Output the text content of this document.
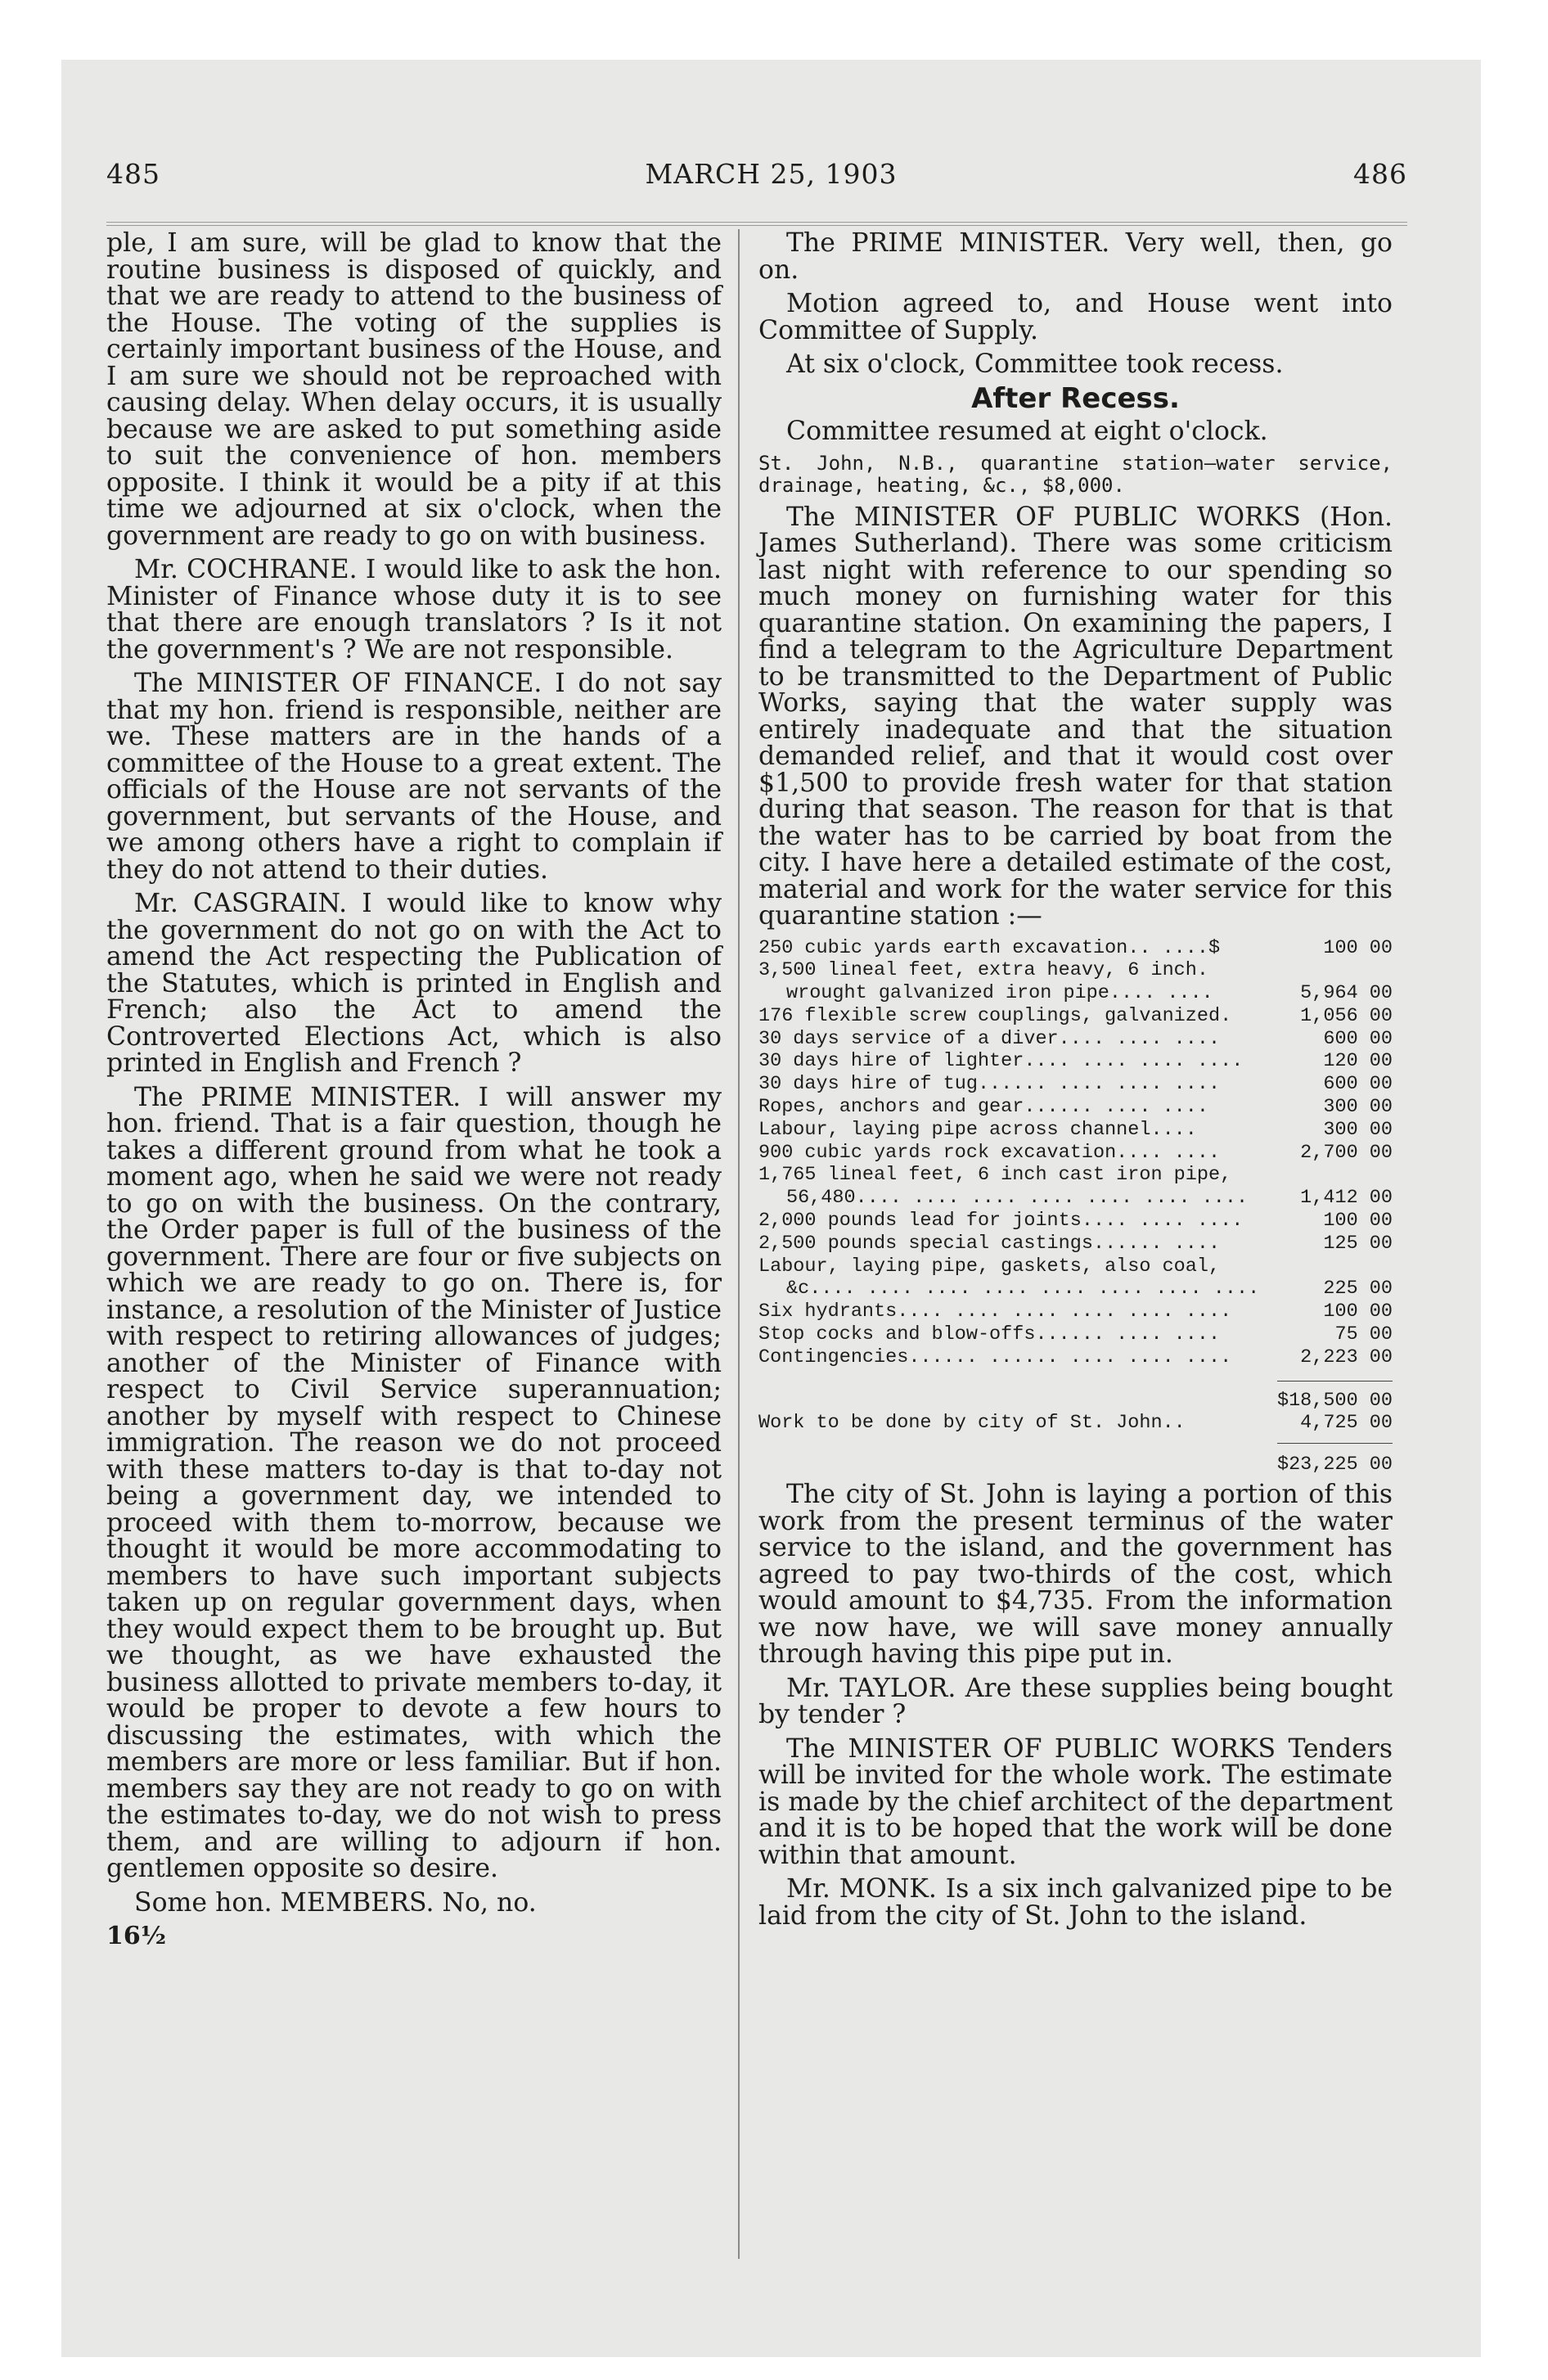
485	MARCH 25, 1903	486

ple, I am sure, will be glad to know that the routine business is disposed of quickly, and that we are ready to attend to the business of the House. The voting of the supplies is certainly important business of the House, and I am sure we should not be reproached with causing delay. When delay occurs, it is usually because we are asked to put something aside to suit the convenience of hon. members opposite. I think it would be a pity if at this time we adjourned at six o'clock, when the government are ready to go on with business.

Mr. COCHRANE. I would like to ask the hon. Minister of Finance whose duty it is to see that there are enough translators ? Is it not the government's ? We are not responsible.

The MINISTER OF FINANCE. I do not say that my hon. friend is responsible, neither are we. These matters are in the hands of a committee of the House to a great extent. The officials of the House are not servants of the government, but servants of the House, and we among others have a right to complain if they do not attend to their duties.

Mr. CASGRAIN. I would like to know why the government do not go on with the Act to amend the Act respecting the Publication of the Statutes, which is printed in English and French; also the Act to amend the Controverted Elections Act, which is also printed in English and French ?

The PRIME MINISTER. I will answer my hon. friend. That is a fair question, though he takes a different ground from what he took a moment ago, when he said we were not ready to go on with the business. On the contrary, the Order paper is full of the business of the government. There are four or five subjects on which we are ready to go on. There is, for instance, a resolution of the Minister of Justice with respect to retiring allowances of judges; another of the Minister of Finance with respect to Civil Service superannuation; another by myself with respect to Chinese immigration. The reason we do not proceed with these matters to-day is that to-day not being a government day, we intended to proceed with them to-morrow, because we thought it would be more accommodating to members to have such important subjects taken up on regular government days, when they would expect them to be brought up. But we thought, as we have exhausted the business allotted to private members to-day, it would be proper to devote a few hours to discussing the estimates, with which the members are more or less familiar. But if hon. members say they are not ready to go on with the estimates to-day, we do not wish to press them, and are willing to adjourn if hon. gentlemen opposite so desire.

Some hon. MEMBERS. No, no.

16½

The PRIME MINISTER. Very well, then, go on.

Motion agreed to, and House went into Committee of Supply.

At six o'clock, Committee took recess.

After Recess.

Committee resumed at eight o'clock.

St. John, N.B., quarantine station—water service, drainage, heating, &c., $8,000.

The MINISTER OF PUBLIC WORKS (Hon. James Sutherland). There was some criticism last night with reference to our spending so much money on furnishing water for this quarantine station. On examining the papers, I find a telegram to the Agriculture Department to be transmitted to the Department of Public Works, saying that the water supply was entirely inadequate and that the situation demanded relief, and that it would cost over $1,500 to provide fresh water for that station during that season. The reason for that is that the water has to be carried by boat from the city. I have here a detailed estimate of the cost, material and work for the water service for this quarantine station :—

250 cubic yards earth excavation.. ....$	100 00
3,500 lineal feet, extra heavy, 6 inch.
wrought galvanized iron pipe.... ....	5,964 00
176 flexible screw couplings, galvanized.	1,056 00
30 days service of a diver.... .... ....	600 00
30 days hire of lighter.... .... .... ....	120 00
30 days hire of tug...... .... .... ....	600 00
Ropes, anchors and gear...... .... ....	300 00
Labour, laying pipe across channel....	300 00
900 cubic yards rock excavation.... ....	2,700 00
1,765 lineal feet, 6 inch cast iron pipe,
56,480.... .... .... .... .... .... ....	1,412 00
2,000 pounds lead for joints.... .... ....	100 00
2,500 pounds special castings...... ....	125 00
Labour, laying pipe, gaskets, also coal,
&c.... .... .... .... .... .... .... ....	225 00
Six hydrants.... .... .... .... .... ....	100 00
Stop cocks and blow-offs...... .... ....	75 00
Contingencies...... ...... .... .... ....	2,223 00
$18,500 00
Work to be done by city of St. John..	4,725 00
$23,225 00

The city of St. John is laying a portion of this work from the present terminus of the water service to the island, and the government has agreed to pay two-thirds of the cost, which would amount to $4,735. From the information we now have, we will save money annually through having this pipe put in.

Mr. TAYLOR. Are these supplies being bought by tender ?

The MINISTER OF PUBLIC WORKS Tenders will be invited for the whole work. The estimate is made by the chief architect of the department and it is to be hoped that the work will be done within that amount.

Mr. MONK. Is a six inch galvanized pipe to be laid from the city of St. John to the island.
